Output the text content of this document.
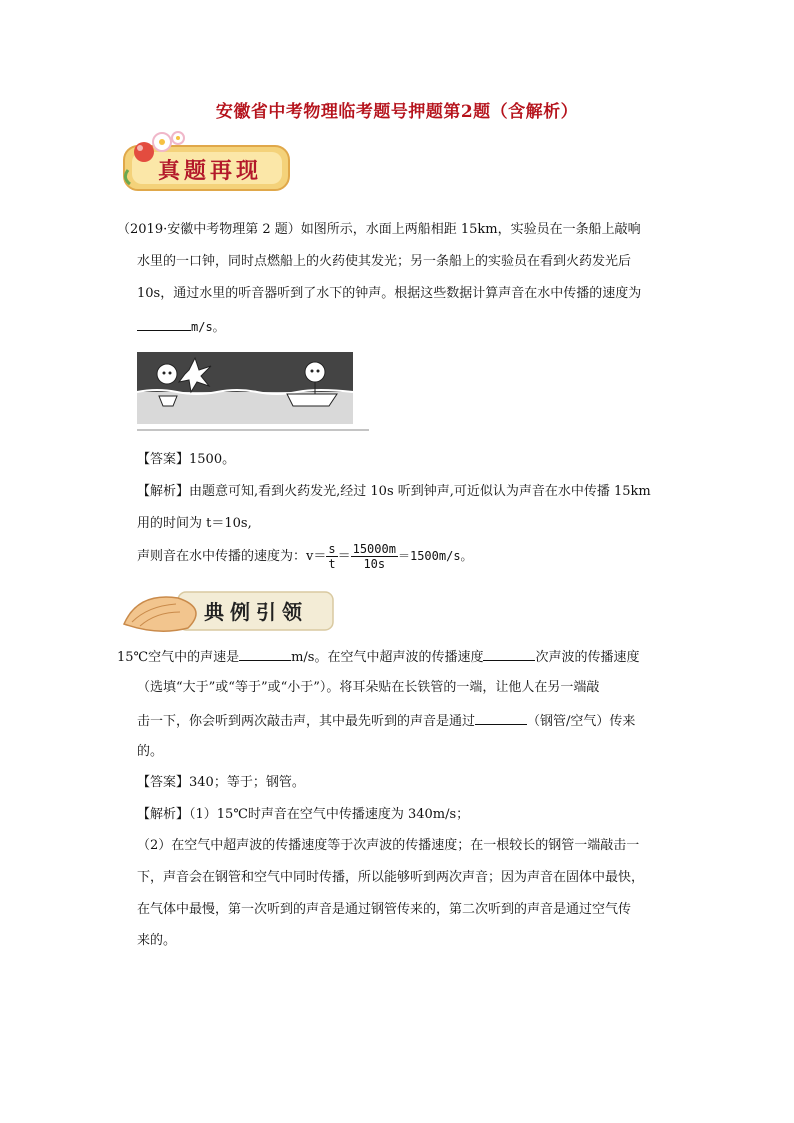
安徽省中考物理临考题号押题第2题（含解析）
真题再现
（2019·安徽中考物理第 2 题）如图所示，水面上两船相距 15km，实验员在一条船上敲响
水里的一口钟，同时点燃船上的火药使其发光；另一条船上的实验员在看到火药发光后
10s，通过水里的听音器听到了水下的钟声。根据这些数据计算声音在水中传播的速度为
m/s。
【答案】1500。
【解析】由题意可知,看到火药发光,经过 10s 听到钟声,可近似认为声音在水中传播 15km
用的时间为 t＝10s,
声则音在水中传播的速度为：$v= \frac{s}{t} = \frac{15000m}{10s} =1500m/s$。
典例引领
15℃空气中的声速是	m/s。在空气中超声波的传播速度	次声波的传播速度
（选填“大于”或“等于”或“小于”）。将耳朵贴在长铁管的一端，让他人在另一端敲
击一下，你会听到两次敲击声，其中最先听到的声音是通过	（钢管/空气）传来
的。
【答案】340；等于；钢管。
【解析】（1）15℃时声音在空气中传播速度为 340m/s；
（2）在空气中超声波的传播速度等于次声波的传播速度；在一根较长的钢管一端敲击一
下，声音会在钢管和空气中同时传播，所以能够听到两次声音；因为声音在固体中最快，
在气体中最慢，第一次听到的声音是通过钢管传来的，第二次听到的声音是通过空气传
来的。
